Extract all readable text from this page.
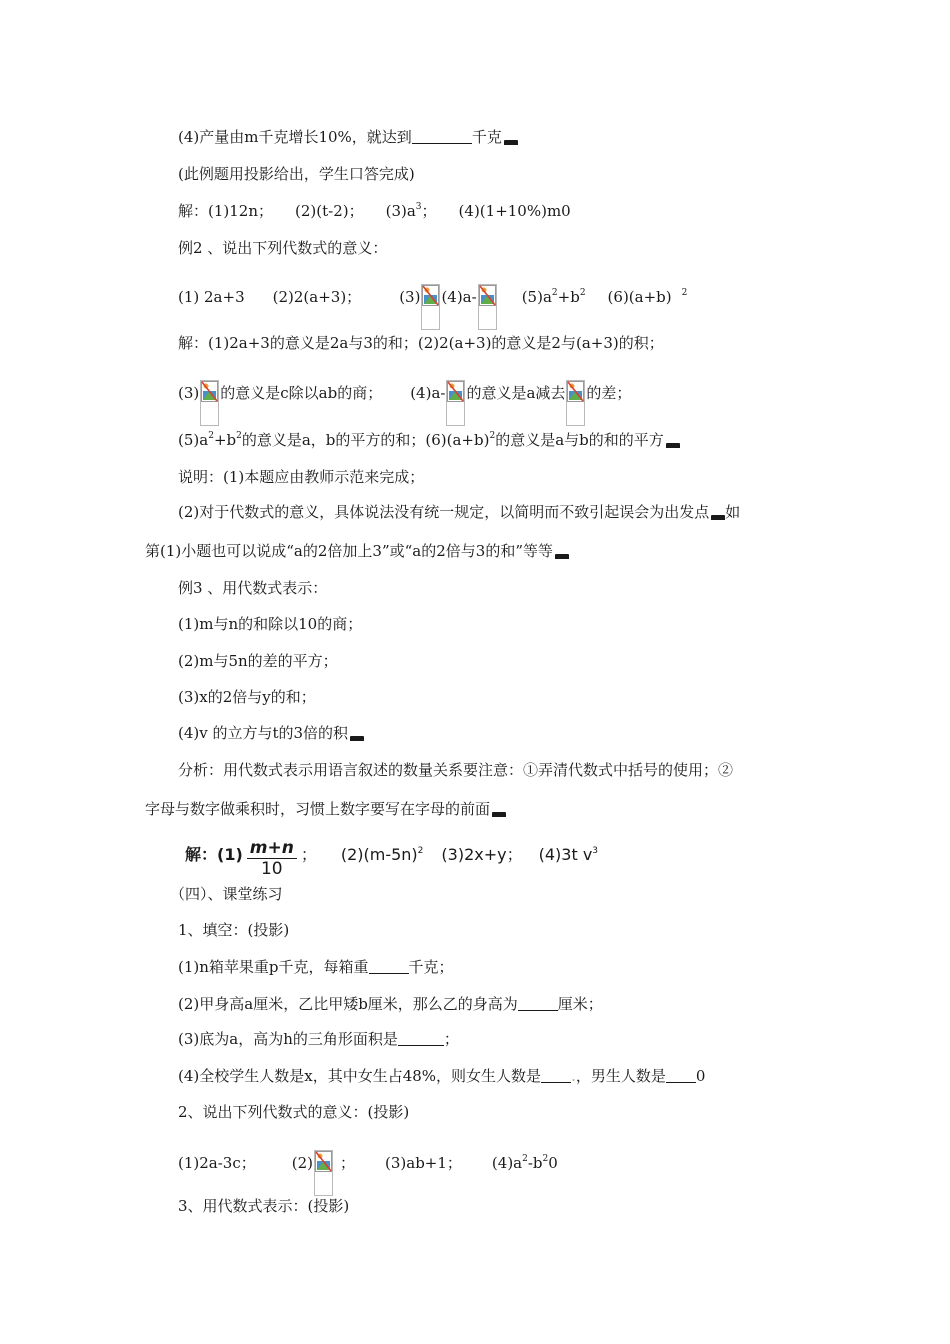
(4)产量由m千克增长10%，就达到	千克
(此例题用投影给出，学生口答完成)
解：(1)12n； (2)(t-2)； $(3)a^3$； (4)(1+10%)m0
例2 、说出下列代数式的意义：
(1) 2a+3 (2)2(a+3)；	(3) (4)a-	$(5)a^2+b^2$ (6)(a+b) $^2$
解：(1)2a+3的意义是2a与3的和；(2)2(a+3)的意义是2与(a+3)的积；
(3) 的意义是c除以ab的商； (4)a- 的意义是a减去 的差；
$(5)a^2+b^2$的意义是a，b的平方的和；$(6)(a+b)^2$的意义是a与b的和的平方
说明：(1)本题应由教师示范来完成；
(2)对于代数式的意义，具体说法没有统一规定，以简明而不致引起误会为出发点 如
第(1)小题也可以说成“a的2倍加上3”或“a的2倍与3的和”等等
例3 、用代数式表示：
(1)m与n的和除以10的商；
(2)m与5n的差的平方；
(3)x的2倍与y的和；
(4)v 的立方与t的3倍的积
分析：用代数式表示用语言叙述的数量关系要注意：①弄清代数式中括号的使用；②
字母与数字做乘积时，习惯上数字要写在字母的前面
解：$(1) \frac{m+n}{10}$ ； $(2)(m-5n)^2$ (3)2x+y； (4)3t $v^3$
（四）、课堂练习
1、填空：(投影)
(1)n箱苹果重p千克，每箱重	千克；
(2)甲身高a厘米，乙比甲矮b厘米，那么乙的身高为	厘米；
(3)底为a，高为h的三角形面积是	；
(4)全校学生人数是x，其中女生占48%，则女生人数是 .，男生人数是 0
2、说出下列代数式的意义：(投影)
(1)2a-3c； (2) ； (3)ab+1； $(4)a^2-b^20$
3、用代数式表示：(投影)
